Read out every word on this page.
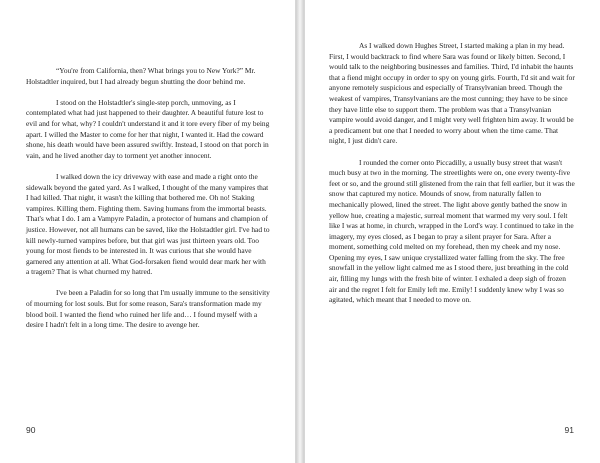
“You're from California, then? What brings you to New York?” Mr. Holstadtler inquired, but I had already begun shutting the door behind me.

I stood on the Holstadtler's single-step porch, unmoving, as I contemplated what had just happened to their daughter. A beautiful future lost to evil and for what, why? I couldn't understand it and it tore every fiber of my being apart. I willed the Master to come for her that night, I wanted it. Had the coward shone, his death would have been assured swiftly. Instead, I stood on that porch in vain, and he lived another day to torment yet another innocent.

I walked down the icy driveway with ease and made a right onto the sidewalk beyond the gated yard. As I walked, I thought of the many vampires that I had killed. That night, it wasn't the killing that bothered me. Oh no! Staking vampires. Killing them. Fighting them. Saving humans from the immortal beasts. That's what I do. I am a Vampyre Paladin, a protector of humans and champion of justice. However, not all humans can be saved, like the Holstadtler girl. I've had to kill newly-turned vampires before, but that girl was just thirteen years old. Too young for most fiends to be interested in. It was curious that she would have garnered any attention at all. What God-forsaken fiend would dear mark her with a tragem? That is what churned my hatred.

I've been a Paladin for so long that I'm usually immune to the sensitivity of mourning for lost souls. But for some reason, Sara's transformation made my blood boil. I wanted the fiend who ruined her life and… I found myself with a desire I hadn't felt in a long time. The desire to avenge her.

90

As I walked down Hughes Street, I started making a plan in my head. First, I would backtrack to find where Sara was found or likely bitten. Second, I would talk to the neighboring businesses and families. Third, I'd inhabit the haunts that a fiend might occupy in order to spy on young girls. Fourth, I'd sit and wait for anyone remotely suspicious and especially of Transylvanian breed. Though the weakest of vampires, Transylvanians are the most cunning; they have to be since they have little else to support them. The problem was that a Transylvanian vampire would avoid danger, and I might very well frighten him away. It would be a predicament but one that I needed to worry about when the time came. That night, I just didn't care.

I rounded the corner onto Piccadilly, a usually busy street that wasn't much busy at two in the morning. The streetlights were on, one every twenty-five feet or so, and the ground still glistened from the rain that fell earlier, but it was the snow that captured my notice. Mounds of snow, from naturally fallen to mechanically plowed, lined the street. The light above gently bathed the snow in yellow hue, creating a majestic, surreal moment that warmed my very soul. I felt like I was at home, in church, wrapped in the Lord's way. I continued to take in the imagery, my eyes closed, as I began to pray a silent prayer for Sara. After a moment, something cold melted on my forehead, then my cheek and my nose. Opening my eyes, I saw unique crystallized water falling from the sky. The free snowfall in the yellow light calmed me as I stood there, just breathing in the cold air, filling my lungs with the fresh bite of winter. I exhaled a deep sigh of frozen air and the regret I felt for Emily left me. Emily! I suddenly knew why I was so agitated, which meant that I needed to move on.

91
